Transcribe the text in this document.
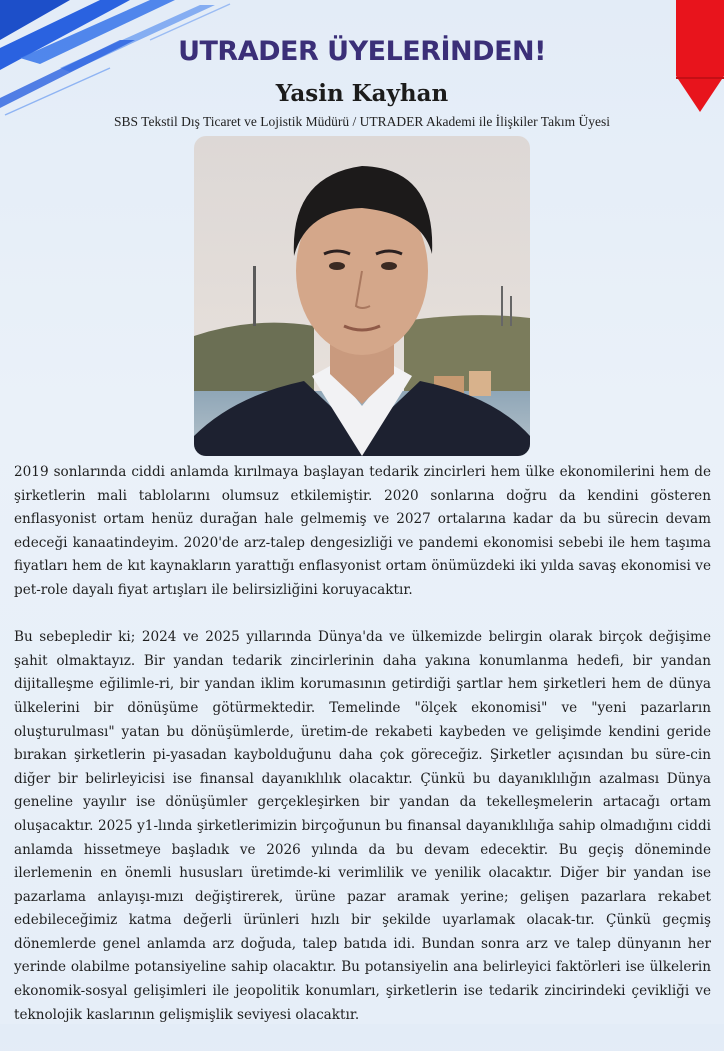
UTRADER ÜYELERİNDEN!
Yasin Kayhan
SBS Tekstil Dış Ticaret ve Lojistik Müdürü / UTRADER Akademi ile İlişkiler Takım Üyesi

2019 sonlarında ciddi anlamda kırılmaya başlayan tedarik zincirleri hem ülke ekonomilerini hem de şirketlerin mali tablolarını olumsuz etkilemiştir. 2020 sonlarına doğru da kendini gösteren enflasyonist ortam henüz durağan hale gelmemiş ve 2027 ortalarına kadar da bu sürecin devam edeceği kanaatindeyim. 2020'de arz-talep dengesizliği ve pandemi ekonomisi sebebi ile hem taşıma fiyatları hem de kıt kaynakların yarattığı enflasyonist ortam önümüzdeki iki yılda savaş ekonomisi ve pet-role dayalı fiyat artışları ile belirsizliğini koruyacaktır.

Bu sebepledir ki; 2024 ve 2025 yıllarında Dünya'da ve ülkemizde belirgin olarak birçok değişime şahit olmaktayız. Bir yandan tedarik zincirlerinin daha yakına konumlanma hedefi, bir yandan dijitalleşme eğilimle-ri, bir yandan iklim korumasının getirdiği şartlar hem şirketleri hem de dünya ülkelerini bir dönüşüme götürmektedir. Temelinde "ölçek ekonomisi" ve "yeni pazarların oluşturulması" yatan bu dönüşümlerde, üretim-de rekabeti kaybeden ve gelişimde kendini geride bırakan şirketlerin pi-yasadan kaybolduğunu daha çok göreceğiz. Şirketler açısından bu süre-cin diğer bir belirleyicisi ise finansal dayanıklılık olacaktır. Çünkü bu dayanıklılığın azalması Dünya geneline yayılır ise dönüşümler gerçekleşirken bir yandan da tekelleşmelerin artacağı ortam oluşacaktır. 2025 y1-lında şirketlerimizin birçoğunun bu finansal dayanıklılığa sahip olmadığını ciddi anlamda hissetmeye başladık ve 2026 yılında da bu devam edecektir. Bu geçiş döneminde ilerlemenin en önemli hususları üretimde-ki verimlilik ve yenilik olacaktır. Diğer bir yandan ise pazarlama anlayışı-mızı değiştirerek, ürüne pazar aramak yerine; gelişen pazarlara rekabet edebileceğimiz katma değerli ürünleri hızlı bir şekilde uyarlamak olacak-tır. Çünkü geçmiş dönemlerde genel anlamda arz doğuda, talep batıda idi. Bundan sonra arz ve talep dünyanın her yerinde olabilme potansiyeline sahip olacaktır. Bu potansiyelin ana belirleyici faktörleri ise ülkelerin ekonomik-sosyal gelişimleri ile jeopolitik konumları, şirketlerin ise tedarik zincirindeki çevikliği ve teknolojik kaslarının gelişmişlik seviyesi olacaktır.
